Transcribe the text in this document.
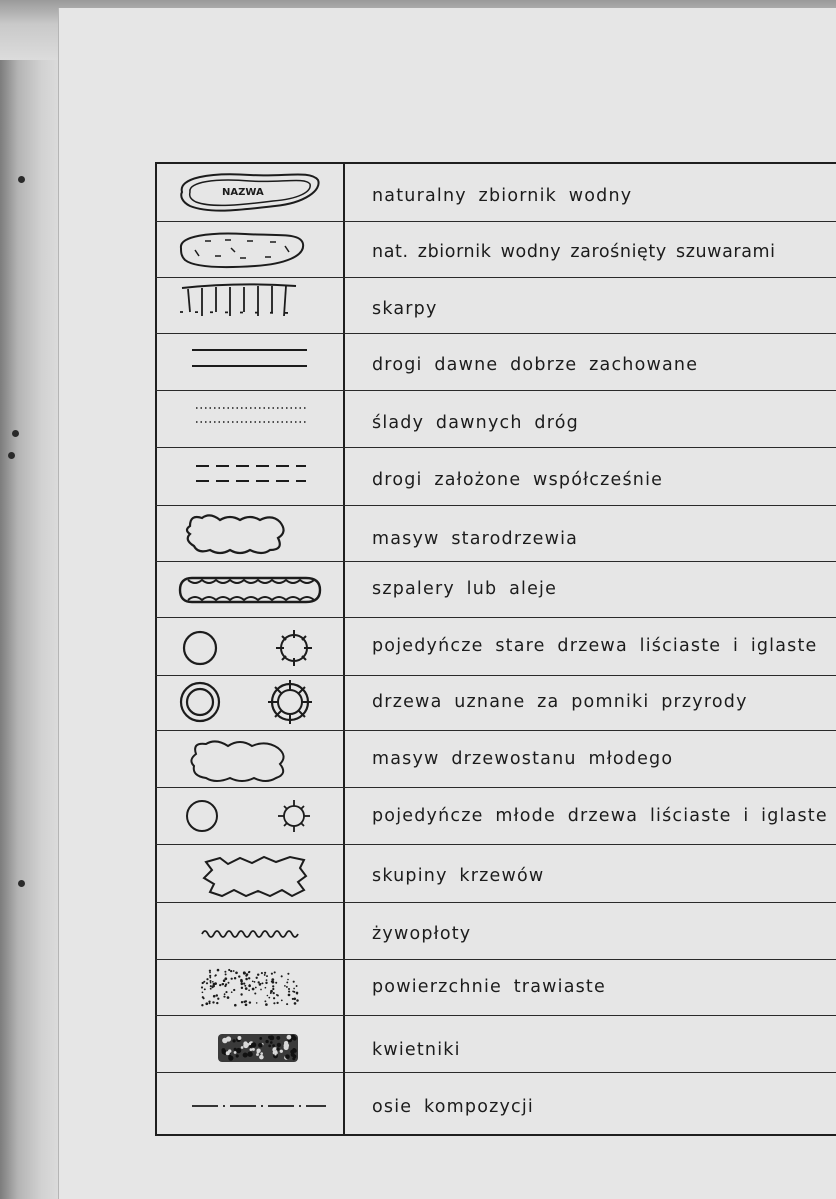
NAZWA	naturalny zbiornik wodny
nat. zbiornik wodny zarośnięty szuwarami
skarpy
drogi dawne dobrze zachowane
ślady dawnych dróg
drogi założone współcześnie
masyw starodrzewia
szpalery lub aleje
pojedyńcze stare drzewa liściaste i iglaste
drzewa uznane za pomniki przyrody
masyw drzewostanu młodego
pojedyńcze młode drzewa liściaste i iglaste
skupiny krzewów
żywopłoty
powierzchnie trawiaste
kwietniki
osie kompozycji
